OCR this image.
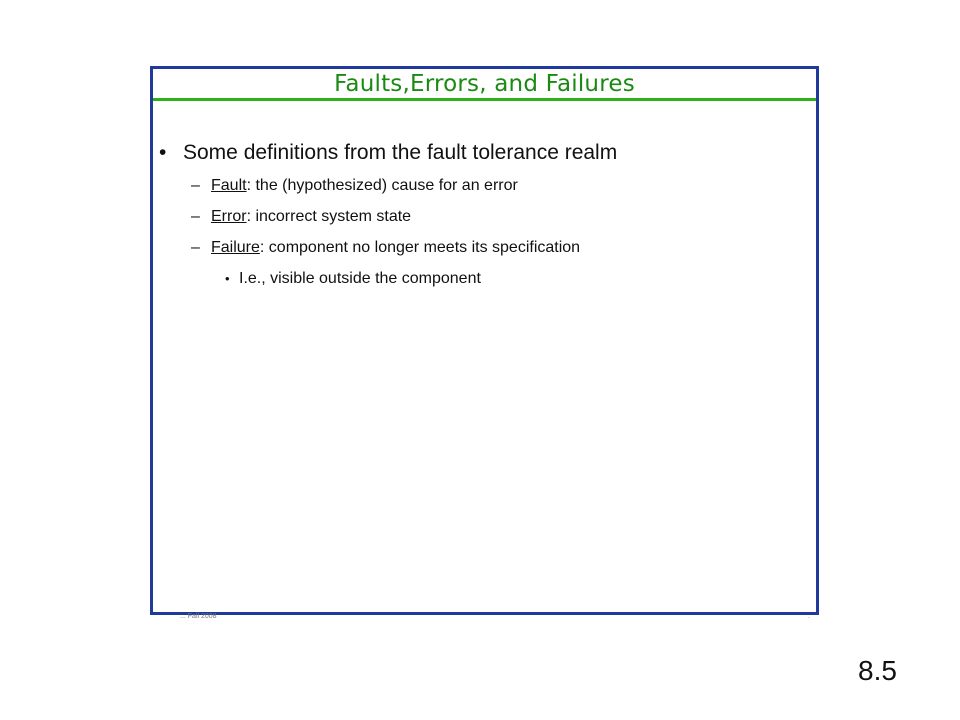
Faults,Errors, and Failures
• Some definitions from the fault tolerance realm
– Fault: the (hypothesized) cause for an error
– Error: incorrect system state
– Failure: component no longer meets its specification
• I.e., visible outside the component
... Fall 2008	.
8.5
